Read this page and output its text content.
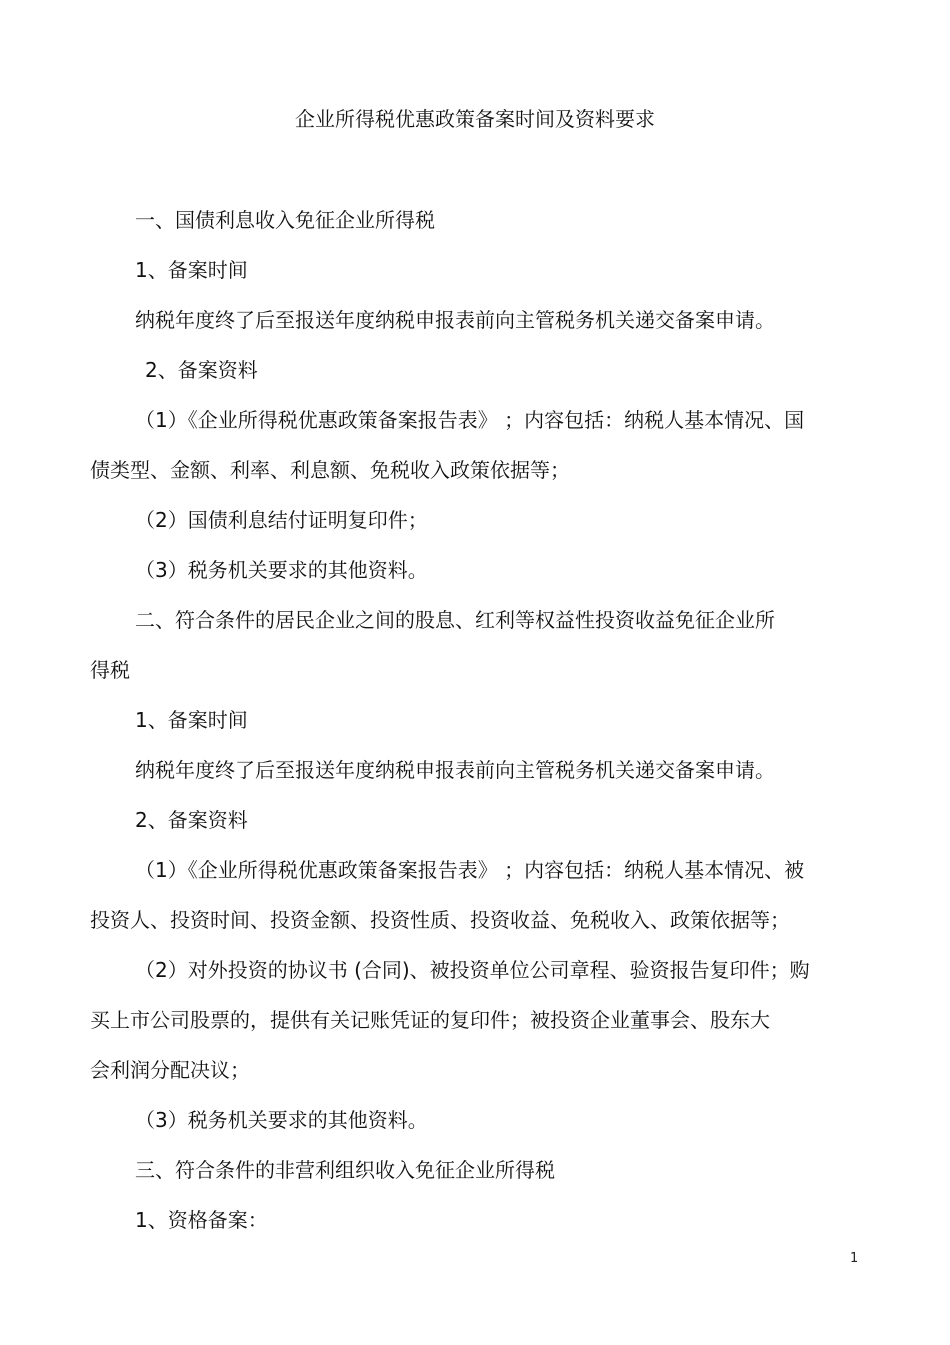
企业所得税优惠政策备案时间及资料要求
一、国债利息收入免征企业所得税
1、备案时间
纳税年度终了后至报送年度纳税申报表前向主管税务机关递交备案申请。
2、备案资料
（1）《企业所得税优惠政策备案报告表》 ；内容包括：纳税人基本情况、国
债类型、金额、利率、利息额、免税收入政策依据等；
（2）国债利息结付证明复印件；
（3）税务机关要求的其他资料。
二、符合条件的居民企业之间的股息、红利等权益性投资收益免征企业所
得税
1、备案时间
纳税年度终了后至报送年度纳税申报表前向主管税务机关递交备案申请。
2、备案资料
（1）《企业所得税优惠政策备案报告表》 ；内容包括：纳税人基本情况、被
投资人、投资时间、投资金额、投资性质、投资收益、免税收入、政策依据等；
（2）对外投资的协议书 (合同)、被投资单位公司章程、验资报告复印件；购
买上市公司股票的，提供有关记账凭证的复印件；被投资企业董事会、股东大
会利润分配决议；
（3）税务机关要求的其他资料。
三、符合条件的非营利组织收入免征企业所得税
1、资格备案：
1
